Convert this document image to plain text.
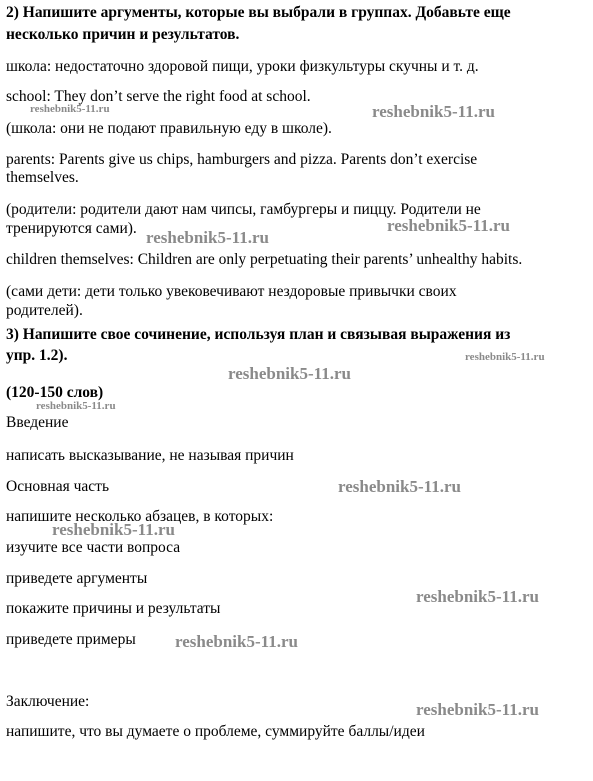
2) Напишите аргументы, которые вы выбрали в группах. Добавьте еще
несколько причин и результатов.
школа: недостаточно здоровой пищи, уроки физкультуры скучны и т. д.
school: They don’t serve the right food at school.
(школа: они не подают правильную еду в школе).
parents: Parents give us chips, hamburgers and pizza. Parents don’t exercise
themselves.
(родители: родители дают нам чипсы, гамбургеры и пиццу. Родители не
тренируются сами).
children themselves: Children are only perpetuating their parents’ unhealthy habits.
(сами дети: дети только увековечивают нездоровые привычки своих
родителей).
3) Напишите свое сочинение, используя план и связывая выражения из
упр. 1.2).
(120-150 слов)
Введение
написать высказывание, не называя причин
Основная часть
напишите несколько абзацев, в которых:
изучите все части вопроса
приведете аргументы
покажите причины и результаты
приведете примеры
Заключение:
напишите, что вы думаете о проблеме, суммируйте баллы/идеи
reshebnik5-11.ru	reshebnik5-11.ru
reshebnik5-11.ru
reshebnik5-11.ru
reshebnik5-11.ru
reshebnik5-11.ru
reshebnik5-11.ru
reshebnik5-11.ru
reshebnik5-11.ru
reshebnik5-11.ru
reshebnik5-11.ru
reshebnik5-11.ru
